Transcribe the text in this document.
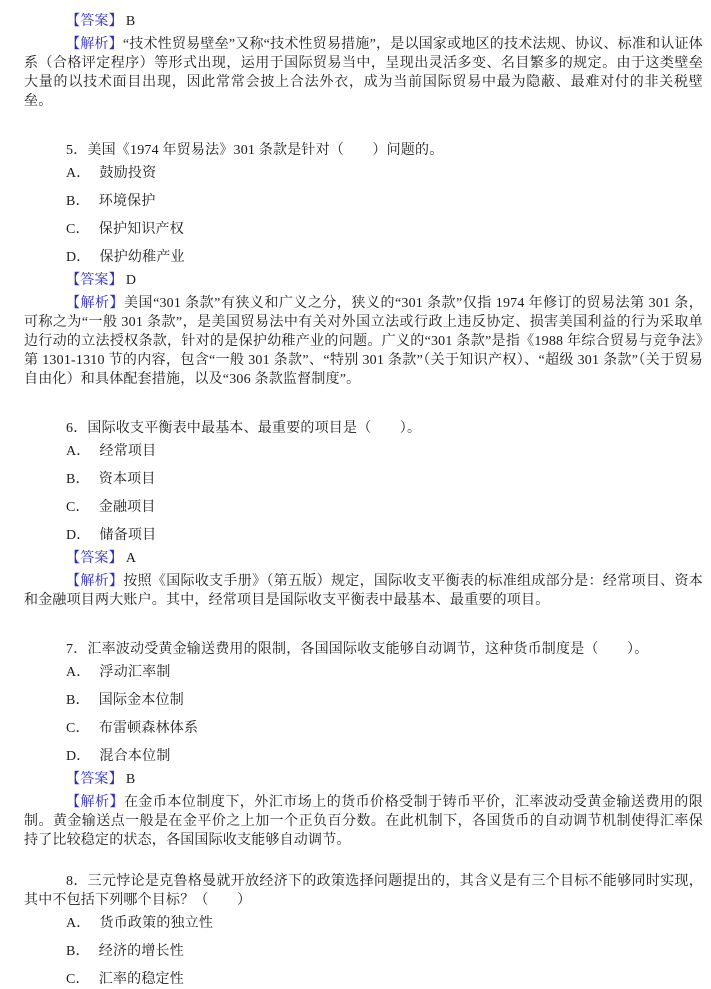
【答案】 B

【解析】“技术性贸易壁垒”又称“技术性贸易措施”，是以国家或地区的技术法规、协议、标准和认证体系（合格评定程序）等形式出现，运用于国际贸易当中，呈现出灵活多变、名目繁多的规定。由于这类壁垒大量的以技术面目出现，因此常常会披上合法外衣，成为当前国际贸易中最为隐蔽、最难对付的非关税壁垒。

5．美国《1974 年贸易法》301 条款是针对（　　）问题的。

A． 鼓励投资

B． 环境保护

C． 保护知识产权

D． 保护幼稚产业

【答案】 D

【解析】美国“301 条款”有狭义和广义之分，狭义的“301 条款”仅指 1974 年修订的贸易法第 301 条，可称之为“一般 301 条款”，是美国贸易法中有关对外国立法或行政上违反协定、损害美国利益的行为采取单边行动的立法授权条款，针对的是保护幼稚产业的问题。广义的“301 条款”是指《1988 年综合贸易与竞争法》第 1301-1310 节的内容，包含“一般 301 条款”、“特别 301 条款”（关于知识产权）、“超级 301 条款”（关于贸易自由化）和具体配套措施，以及“306 条款监督制度”。

6．国际收支平衡表中最基本、最重要的项目是（　　）。

A． 经常项目

B． 资本项目

C． 金融项目

D． 储备项目

【答案】 A

【解析】按照《国际收支手册》（第五版）规定，国际收支平衡表的标准组成部分是：经常项目、资本和金融项目两大账户。其中，经常项目是国际收支平衡表中最基本、最重要的项目。

7．汇率波动受黄金输送费用的限制，各国国际收支能够自动调节，这种货币制度是（　　）。

A． 浮动汇率制

B． 国际金本位制

C． 布雷顿森林体系

D． 混合本位制

【答案】 B

【解析】在金币本位制度下，外汇市场上的货币价格受制于铸币平价，汇率波动受黄金输送费用的限制。黄金输送点一般是在金平价之上加一个正负百分数。在此机制下，各国货币的自动调节机制使得汇率保持了比较稳定的状态，各国国际收支能够自动调节。

8．三元悖论是克鲁格曼就开放经济下的政策选择问题提出的，其含义是有三个目标不能够同时实现，其中不包括下列哪个目标？（　　）

A． 货币政策的独立性

B． 经济的增长性

C． 汇率的稳定性
